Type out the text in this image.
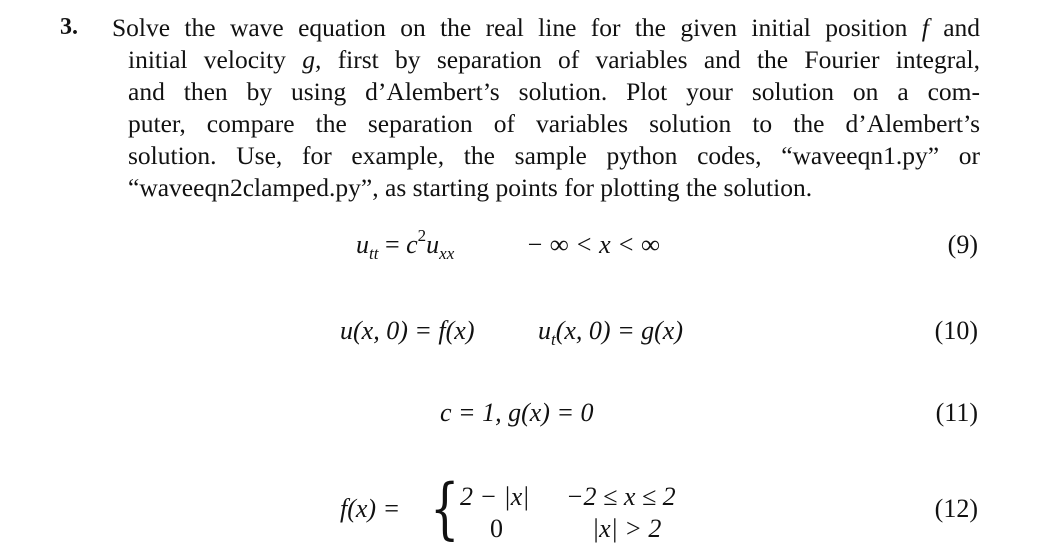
3. Solve the wave equation on the real line for the given initial position f and
initial velocity g, first by separation of variables and the Fourier integral,
and then by using d’Alembert’s solution. Plot your solution on a com-
puter, compare the separation of variables solution to the d’Alembert’s
solution. Use, for example, the sample python codes, “waveeqn1.py” or
“waveeqn2clamped.py”, as starting points for plotting the solution.
$u_{tt} = c^2u_{xx}$	− ∞ < x < ∞	(9)
u(x, 0) = f(x) $u_t(x$, 0) = g(x)	(10)
c = 1, g(x) = 0	(11)
f(x) = { 2 − |x| −2 ≤ x ≤ 2
0	|x| > 2
(12)
